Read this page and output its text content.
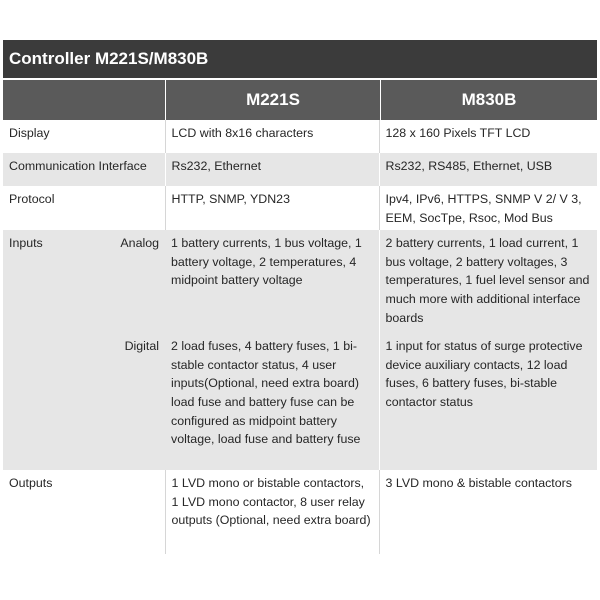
Controller M221S/M830B
M221S	M830B
Display		LCD with 8x16 characters	128 x 160 Pixels TFT LCD
Communication Interface		Rs232, Ethernet	Rs232, RS485, Ethernet, USB
Protocol		HTTP, SNMP, YDN23	Ipv4, IPv6, HTTPS, SNMP V 2/ V 3, EEM, SocTpe, Rsoc, Mod Bus
Inputs	Analog	1 battery currents, 1 bus voltage, 1 battery voltage, 2 temperatures, 4 midpoint battery voltage	2 battery currents, 1 load current, 1 bus voltage, 2 battery voltages, 3 temperatures, 1 fuel level sensor and much more with additional interface boards
	Digital	2 load fuses, 4 battery fuses, 1 bi-stable contactor status, 4 user inputs(Optional, need extra board) load fuse and battery fuse can be configured as midpoint battery voltage, load fuse and battery fuse	1 input for status of surge protective device auxiliary contacts, 12 load fuses, 6 battery fuses, bi-stable contactor status
Outputs		1 LVD mono or bistable contactors, 1 LVD mono contactor, 8 user relay outputs (Optional, need extra board)	3 LVD mono & bistable contactors
